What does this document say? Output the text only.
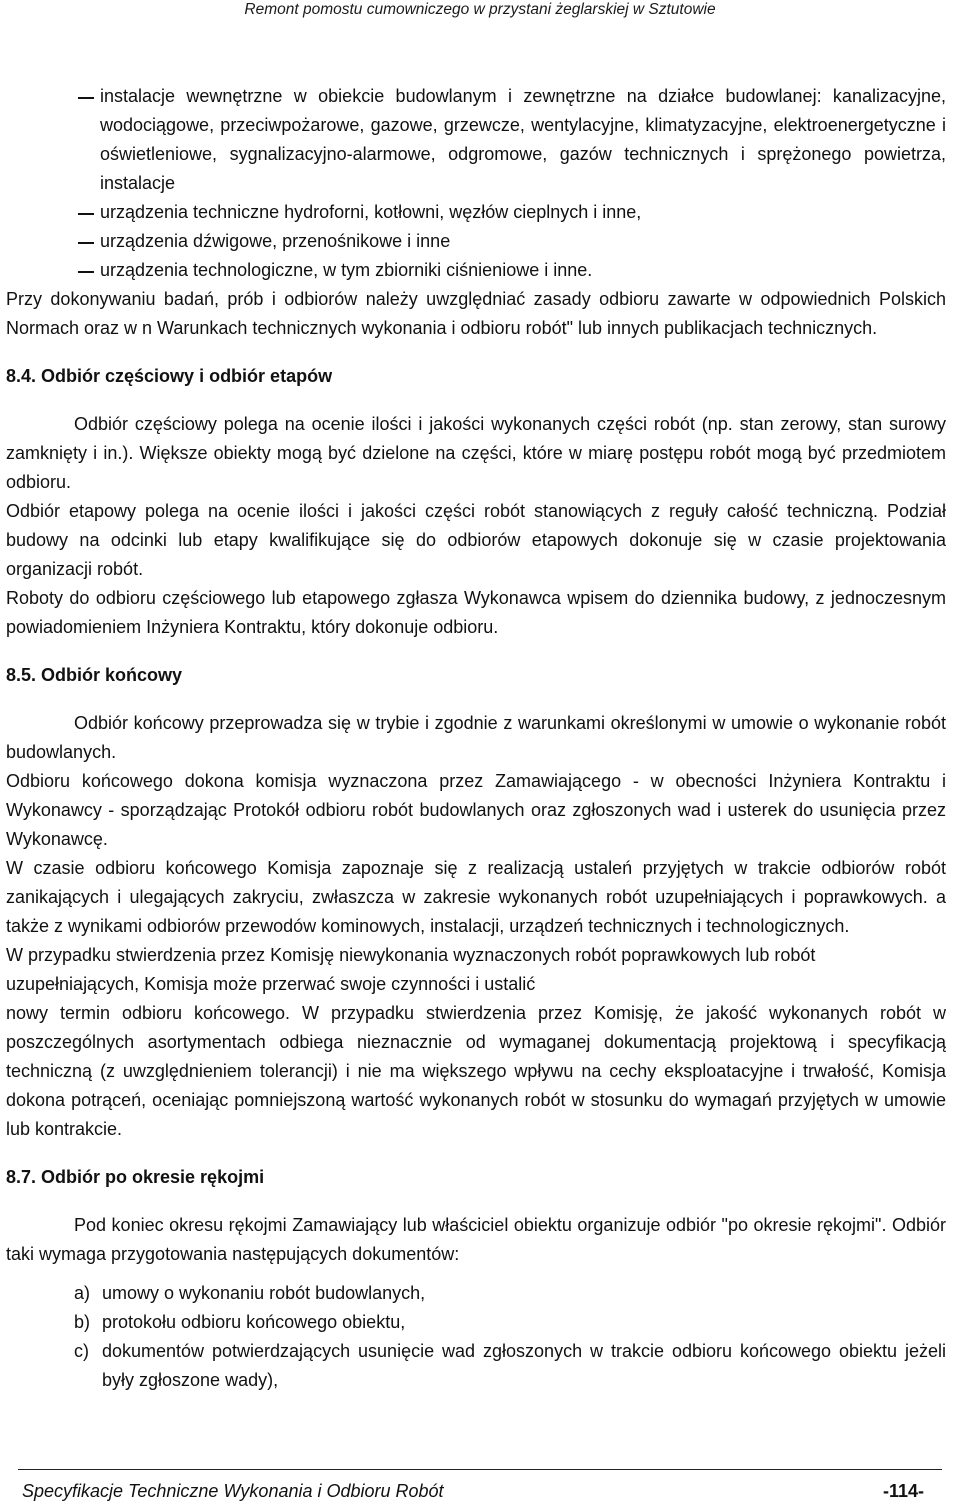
Remont pomostu cumowniczego w przystani żeglarskiej w Sztutowie
instalacje wewnętrzne w obiekcie budowlanym i zewnętrzne na działce budowlanej: kanalizacyjne, wodociągowe, przeciwpożarowe, gazowe, grzewcze, wentylacyjne, klimatyzacyjne, elektroenergetyczne i oświetleniowe, sygnalizacyjno-alarmowe, odgromowe, gazów technicznych i sprężonego powietrza, instalacje
urządzenia techniczne hydroforni, kotłowni, węzłów cieplnych i inne,
urządzenia dźwigowe, przenośnikowe i inne
urządzenia technologiczne, w tym zbiorniki ciśnieniowe i inne.

Przy dokonywaniu badań, prób i odbiorów należy uwzględniać zasady odbioru zawarte w odpowiednich Polskich Normach oraz w n Warunkach technicznych wykonania i odbioru robót" lub innych publikacjach technicznych.

8.4. Odbiór częściowy i odbiór etapów

Odbiór częściowy polega na ocenie ilości i jakości wykonanych części robót (np. stan zerowy, stan surowy zamknięty i in.). Większe obiekty mogą być dzielone na części, które w miarę postępu robót mogą być przedmiotem odbioru.

Odbiór etapowy polega na ocenie ilości i jakości części robót stanowiących z reguły całość techniczną. Podział budowy na odcinki lub etapy kwalifikujące się do odbiorów etapowych dokonuje się w czasie projektowania organizacji robót.

Roboty do odbioru częściowego lub etapowego zgłasza Wykonawca wpisem do dziennika budowy, z jednoczesnym powiadomieniem Inżyniera Kontraktu, który dokonuje odbioru.

8.5. Odbiór końcowy

Odbiór końcowy przeprowadza się w trybie i zgodnie z warunkami określonymi w umowie o wykonanie robót budowlanych.

Odbioru końcowego dokona komisja wyznaczona przez Zamawiającego - w obecności Inżyniera Kontraktu i Wykonawcy - sporządzając Protokół odbioru robót budowlanych oraz zgłoszonych wad i usterek do usunięcia przez Wykonawcę.

W czasie odbioru końcowego Komisja zapoznaje się z realizacją ustaleń przyjętych w trakcie odbiorów robót zanikających i ulegających zakryciu, zwłaszcza w zakresie wykonanych robót uzupełniających i poprawkowych. a także z wynikami odbiorów przewodów kominowych, instalacji, urządzeń technicznych i technologicznych.

W przypadku stwierdzenia przez Komisję niewykonania wyznaczonych robót poprawkowych lub robót uzupełniających, Komisja może przerwać swoje czynności i ustalić

nowy termin odbioru końcowego. W przypadku stwierdzenia przez Komisję, że jakość wykonanych robót w poszczególnych asortymentach odbiega nieznacznie od wymaganej dokumentacją projektową i specyfikacją techniczną (z uwzględnieniem tolerancji) i nie ma większego wpływu na cechy eksploatacyjne i trwałość, Komisja dokona potrąceń, oceniając pomniejszoną wartość wykonanych robót w stosunku do wymagań przyjętych w umowie lub kontrakcie.

8.7. Odbiór po okresie rękojmi

Pod koniec okresu rękojmi Zamawiający lub właściciel obiektu organizuje odbiór "po okresie rękojmi". Odbiór taki wymaga przygotowania następujących dokumentów:

a) umowy o wykonaniu robót budowlanych,
b) protokołu odbioru końcowego obiektu,
c) dokumentów potwierdzających usunięcie wad zgłoszonych w trakcie odbioru końcowego obiektu jeżeli były zgłoszone wady),
Specyfikacje Techniczne Wykonania i Odbioru Robót	-114-
